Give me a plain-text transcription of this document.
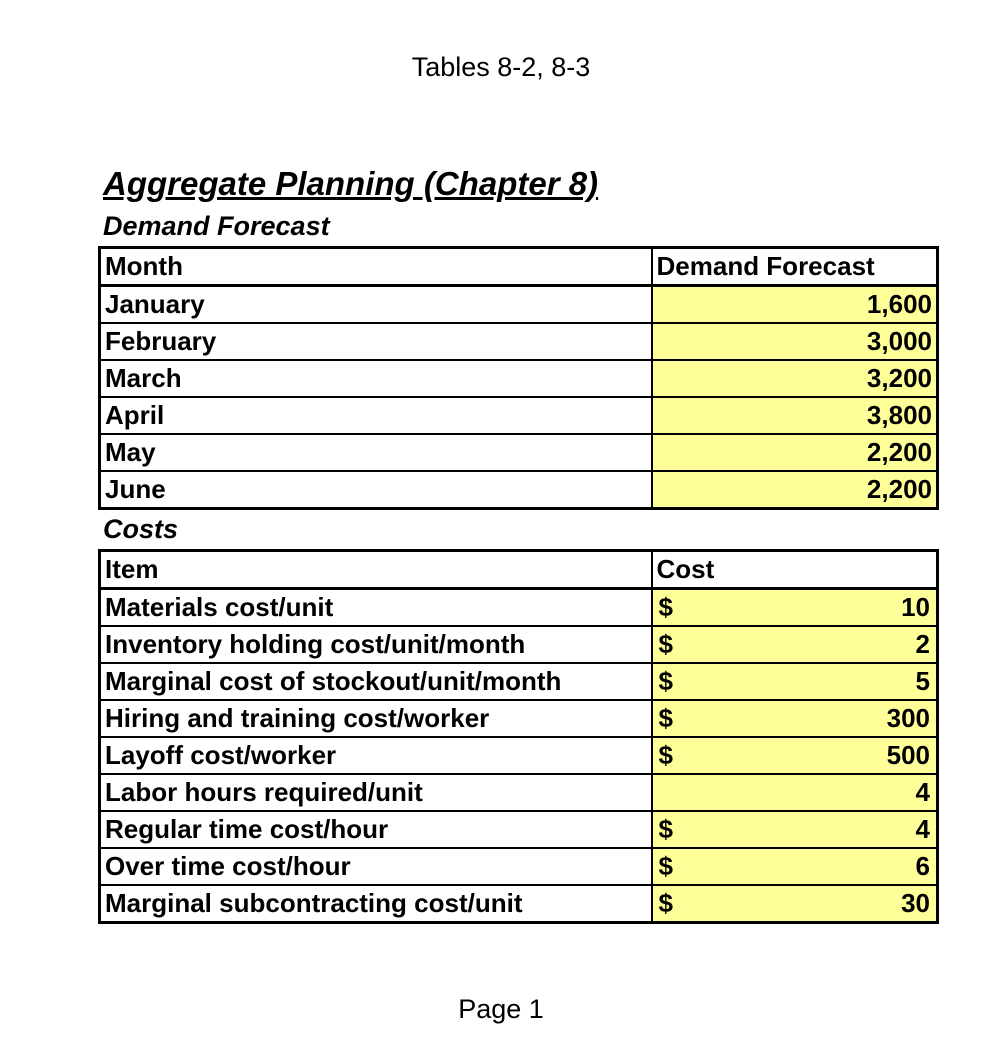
Tables 8-2, 8-3
Aggregate Planning (Chapter 8)
Demand Forecast
Month	Demand Forecast
January	1,600
February	3,000
March	3,200
April	3,800
May	2,200
June	2,200
Costs
Item	Cost
Materials cost/unit	$ 10

Inventory holding cost/unit/month	$ 2

Marginal cost of stockout/unit/month	$ 5

Hiring and training cost/worker	$ 300

Layoff cost/worker	$ 500

Labor hours required/unit	4

Regular time cost/hour	$ 4

Over time cost/hour	$ 6

Marginal subcontracting cost/unit	$ 30
Page 1
